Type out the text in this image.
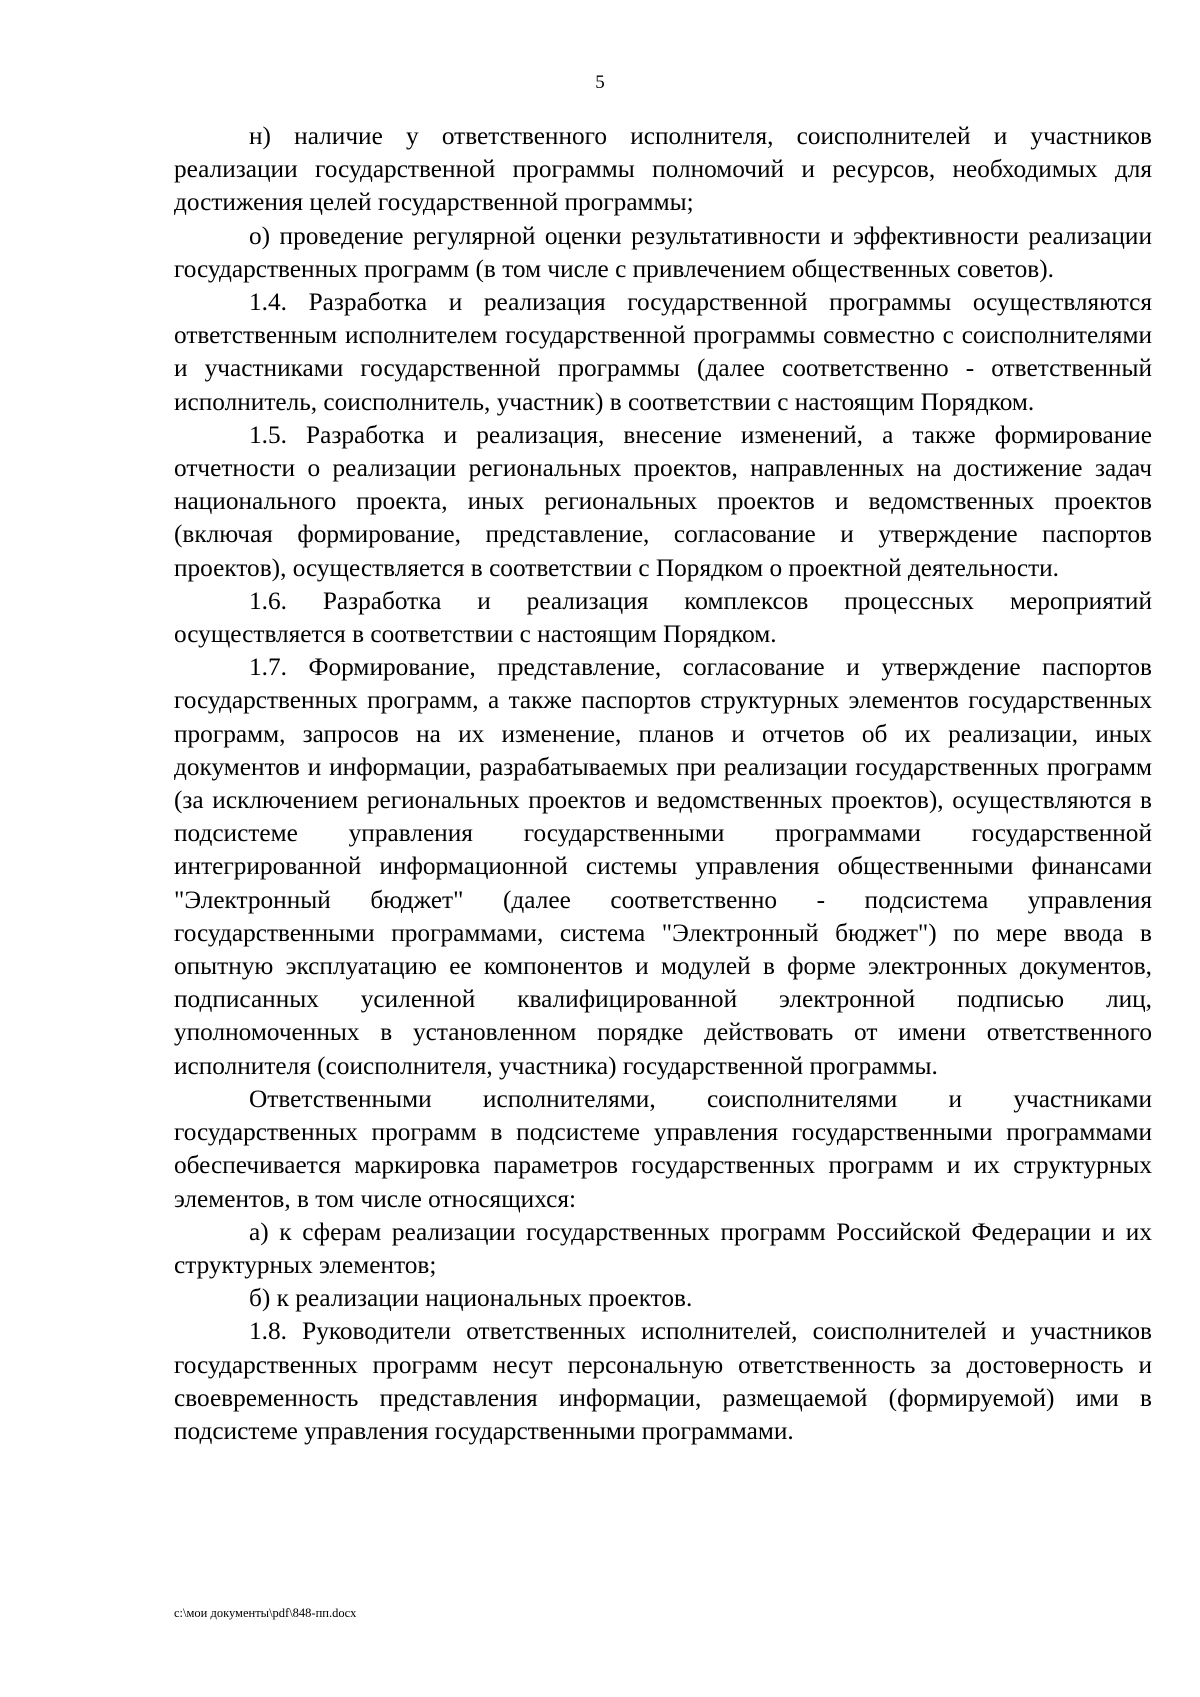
5

н) наличие у ответственного исполнителя, соисполнителей и участников реализации государственной программы полномочий и ресурсов, необходимых для достижения целей государственной программы;

о) проведение регулярной оценки результативности и эффективности реализации государственных программ (в том числе с привлечением общественных советов).

1.4. Разработка и реализация государственной программы осуществляются ответственным исполнителем государственной программы совместно с соисполнителями и участниками государственной программы (далее соответственно - ответственный исполнитель, соисполнитель, участник) в соответствии с настоящим Порядком.

1.5. Разработка и реализация, внесение изменений, а также формирование отчетности о реализации региональных проектов, направленных на достижение задач национального проекта, иных региональных проектов и ведомственных проектов (включая формирование, представление, согласование и утверждение паспортов проектов), осуществляется в соответствии с Порядком о проектной деятельности.

1.6. Разработка и реализация комплексов процессных мероприятий осуществляется в соответствии с настоящим Порядком.

1.7. Формирование, представление, согласование и утверждение паспортов государственных программ, а также паспортов структурных элементов государственных программ, запросов на их изменение, планов и отчетов об их реализации, иных документов и информации, разрабатываемых при реализации государственных программ (за исключением региональных проектов и ведомственных проектов), осуществляются в подсистеме управления государственными программами государственной интегрированной информационной системы управления общественными финансами "Электронный бюджет" (далее соответственно - подсистема управления государственными программами, система "Электронный бюджет") по мере ввода в опытную эксплуатацию ее компонентов и модулей в форме электронных документов, подписанных усиленной квалифицированной электронной подписью лиц, уполномоченных в установленном порядке действовать от имени ответственного исполнителя (соисполнителя, участника) государственной программы.

Ответственными исполнителями, соисполнителями и участниками государственных программ в подсистеме управления государственными программами обеспечивается маркировка параметров государственных программ и их структурных элементов, в том числе относящихся:

а) к сферам реализации государственных программ Российской Федерации и их структурных элементов;

б) к реализации национальных проектов.

1.8. Руководители ответственных исполнителей, соисполнителей и участников государственных программ несут персональную ответственность за достоверность и своевременность представления информации, размещаемой (формируемой) ими в подсистеме управления государственными программами.

c:\мои документы\pdf\848-пп.docx
